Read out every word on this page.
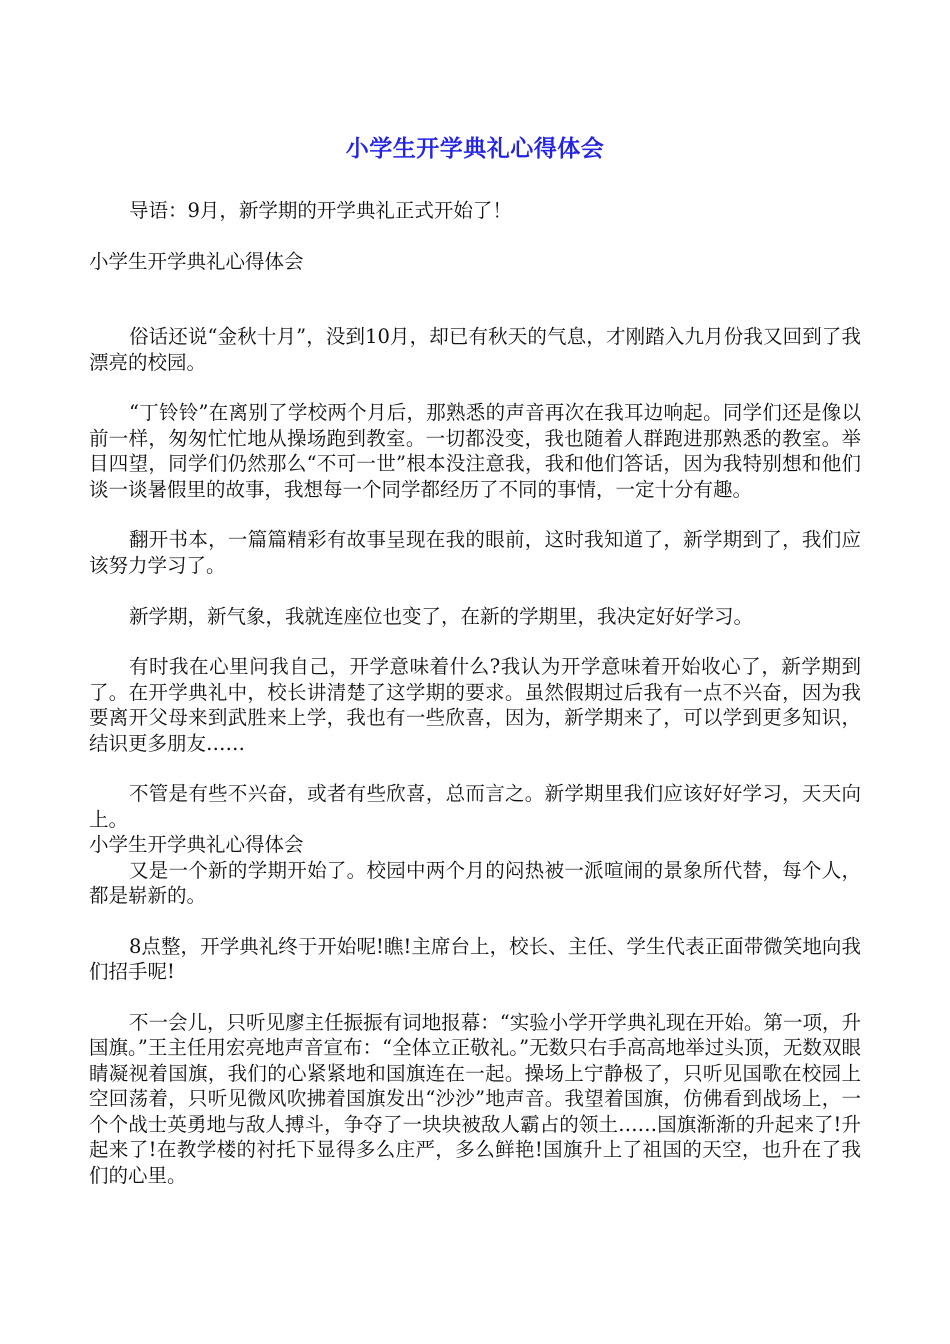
小学生开学典礼心得体会

导语：9月，新学期的开学典礼正式开始了！

小学生开学典礼心得体会

俗话还说“金秋十月”，没到10月，却已有秋天的气息，才刚踏入九月份我又回到了我漂亮的校园。

“丁铃铃”在离别了学校两个月后，那熟悉的声音再次在我耳边响起。同学们还是像以前一样，匆匆忙忙地从操场跑到教室。一切都没变，我也随着人群跑进那熟悉的教室。举目四望，同学们仍然那么“不可一世”根本没注意我，我和他们答话，因为我特别想和他们谈一谈暑假里的故事，我想每一个同学都经历了不同的事情，一定十分有趣。

翻开书本，一篇篇精彩有故事呈现在我的眼前，这时我知道了，新学期到了，我们应该努力学习了。

新学期，新气象，我就连座位也变了，在新的学期里，我决定好好学习。

有时我在心里问我自己，开学意味着什么?我认为开学意味着开始收心了，新学期到了。在开学典礼中，校长讲清楚了这学期的要求。虽然假期过后我有一点不兴奋，因为我要离开父母来到武胜来上学，我也有一些欣喜，因为，新学期来了，可以学到更多知识，结识更多朋友……

不管是有些不兴奋，或者有些欣喜，总而言之。新学期里我们应该好好学习，天天向上。

小学生开学典礼心得体会

又是一个新的学期开始了。校园中两个月的闷热被一派喧闹的景象所代替，每个人，都是崭新的。

8点整，开学典礼终于开始呢!瞧!主席台上，校长、主任、学生代表正面带微笑地向我们招手呢!

不一会儿，只听见廖主任振振有词地报幕：“实验小学开学典礼现在开始。第一项，升国旗。”王主任用宏亮地声音宣布：“全体立正敬礼。”无数只右手高高地举过头顶，无数双眼睛凝视着国旗，我们的心紧紧地和国旗连在一起。操场上宁静极了，只听见国歌在校园上空回荡着，只听见微风吹拂着国旗发出“沙沙”地声音。我望着国旗，仿佛看到战场上，一个个战士英勇地与敌人搏斗，争夺了一块块被敌人霸占的领土……国旗渐渐的升起来了!升起来了!在教学楼的衬托下显得多么庄严，多么鲜艳!国旗升上了祖国的天空，也升在了我们的心里。
